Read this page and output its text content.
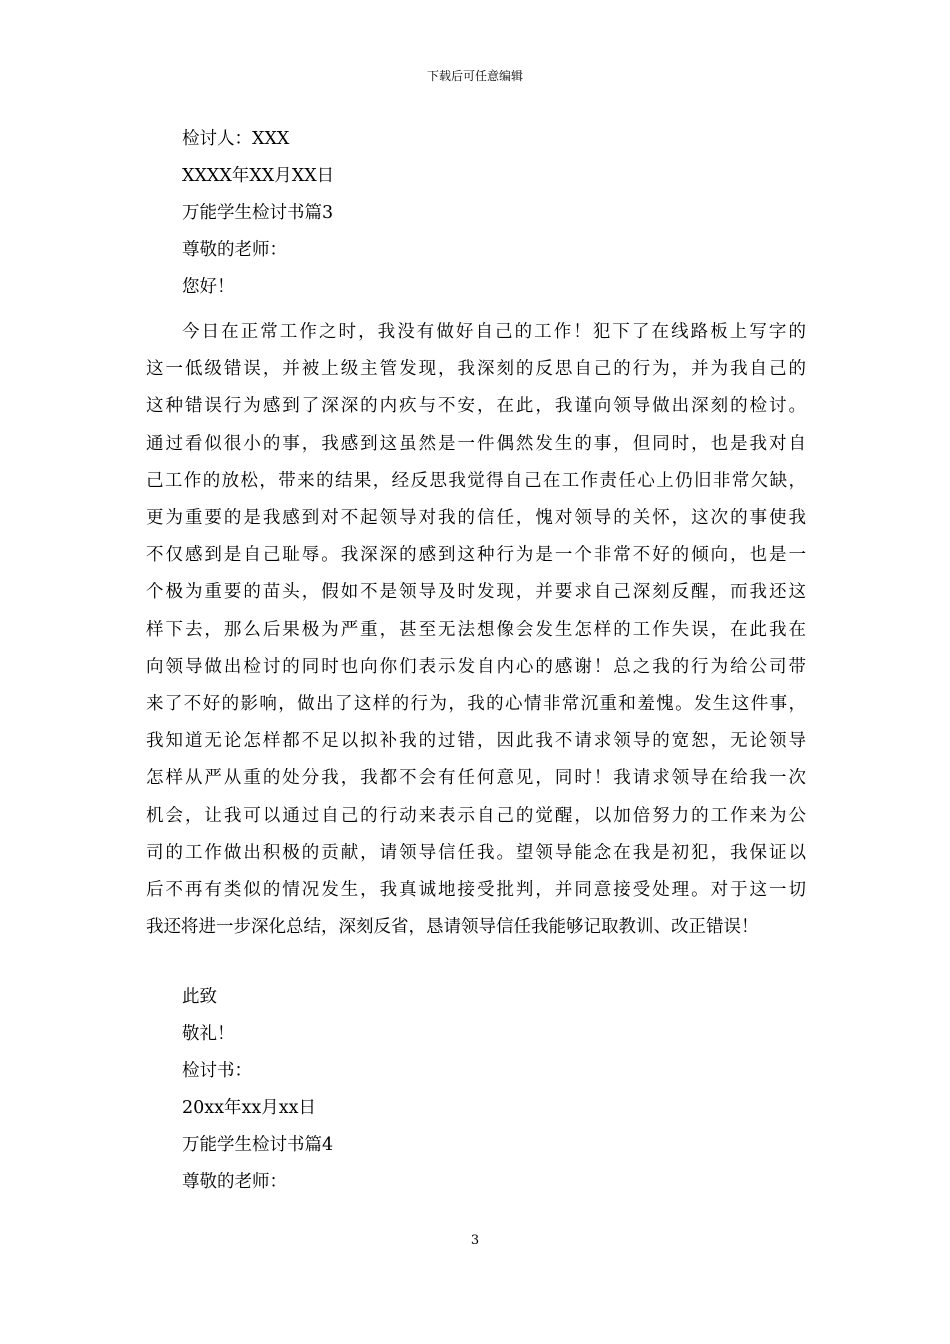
下载后可任意编辑
检讨人：XXX
XXXX年XX月XX日
万能学生检讨书篇3
尊敬的老师：
您好！
今日在正常工作之时，我没有做好自己的工作！犯下了在线路板上写字的
这一低级错误，并被上级主管发现，我深刻的反思自己的行为，并为我自己的
这种错误行为感到了深深的内疚与不安，在此，我谨向领导做出深刻的检讨。
通过看似很小的事，我感到这虽然是一件偶然发生的事，但同时，也是我对自
己工作的放松，带来的结果，经反思我觉得自己在工作责任心上仍旧非常欠缺，
更为重要的是我感到对不起领导对我的信任，愧对领导的关怀，这次的事使我
不仅感到是自己耻辱。我深深的感到这种行为是一个非常不好的倾向，也是一
个极为重要的苗头，假如不是领导及时发现，并要求自己深刻反醒，而我还这
样下去，那么后果极为严重，甚至无法想像会发生怎样的工作失误，在此我在
向领导做出检讨的同时也向你们表示发自内心的感谢！总之我的行为给公司带
来了不好的影响，做出了这样的行为，我的心情非常沉重和羞愧。发生这件事，
我知道无论怎样都不足以拟补我的过错，因此我不请求领导的宽恕，无论领导
怎样从严从重的处分我，我都不会有任何意见，同时！我请求领导在给我一次
机会，让我可以通过自己的行动来表示自己的觉醒，以加倍努力的工作来为公
司的工作做出积极的贡献，请领导信任我。望领导能念在我是初犯，我保证以
后不再有类似的情况发生，我真诚地接受批判，并同意接受处理。对于这一切
我还将进一步深化总结，深刻反省，恳请领导信任我能够记取教训、改正错误！
此致
敬礼！
检讨书：
20xx年xx月xx日
万能学生检讨书篇4
尊敬的老师：
3
